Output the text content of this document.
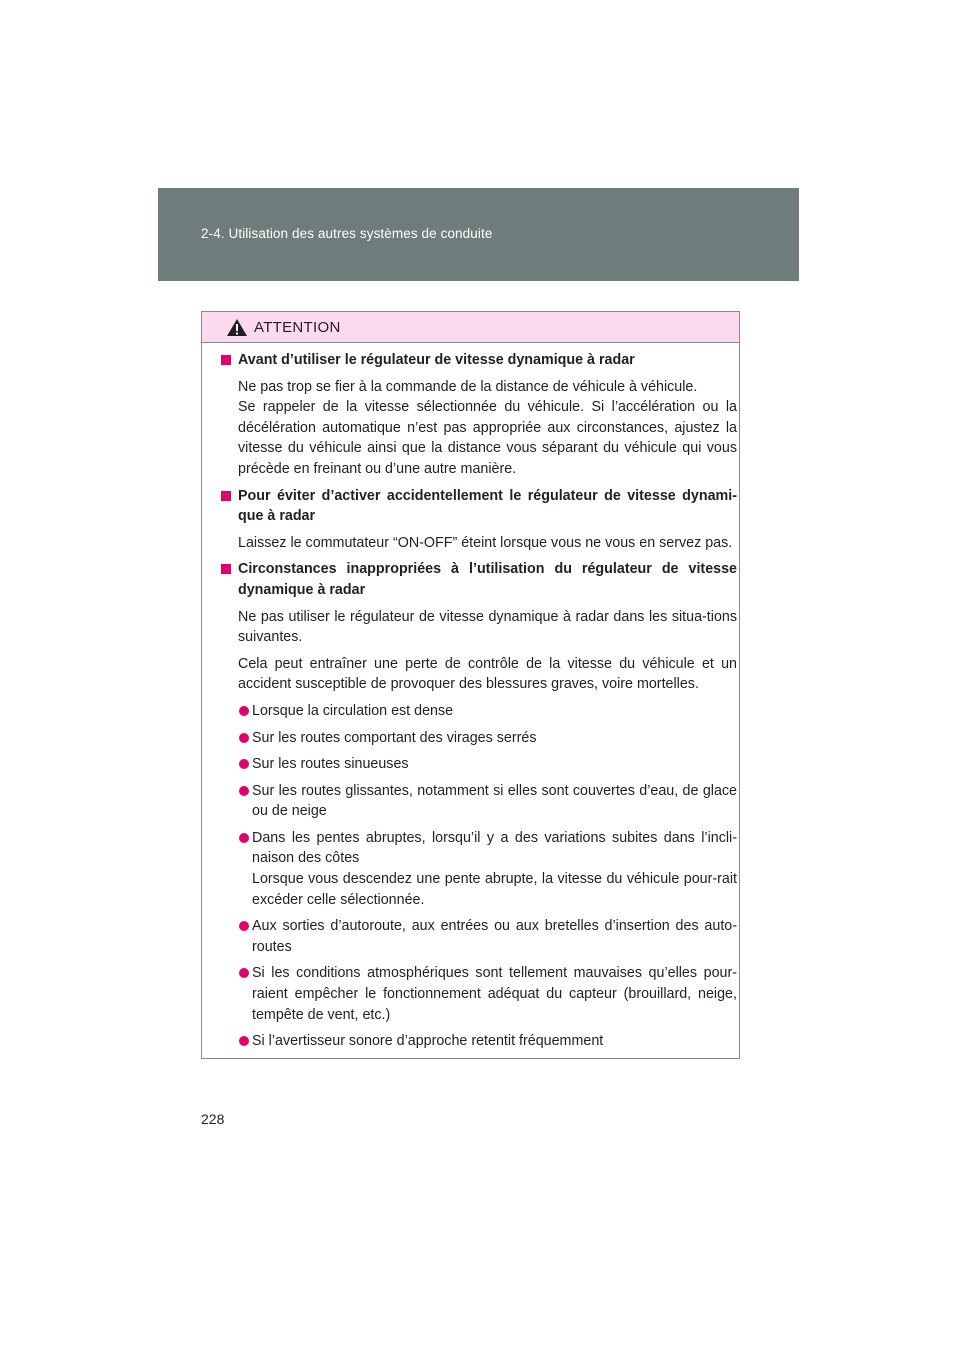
2-4. Utilisation des autres systèmes de conduite
ATTENTION
Avant d’utiliser le régulateur de vitesse dynamique à radar
Ne pas trop se fier à la commande de la distance de véhicule à véhicule.
Se rappeler de la vitesse sélectionnée du véhicule. Si l’accélération ou la décélération automatique n’est pas appropriée aux circonstances, ajustez la vitesse du véhicule ainsi que la distance vous séparant du véhicule qui vous précède en freinant ou d’une autre manière.
Pour éviter d’activer accidentellement le régulateur de vitesse dynami-que à radar
Laissez le commutateur “ON-OFF” éteint lorsque vous ne vous en servez pas.
Circonstances inappropriées à l’utilisation du régulateur de vitesse dynamique à radar
Ne pas utiliser le régulateur de vitesse dynamique à radar dans les situa-tions suivantes.
Cela peut entraîner une perte de contrôle de la vitesse du véhicule et un accident susceptible de provoquer des blessures graves, voire mortelles.
Lorsque la circulation est dense
Sur les routes comportant des virages serrés
Sur les routes sinueuses
Sur les routes glissantes, notamment si elles sont couvertes d’eau, de glace ou de neige
Dans les pentes abruptes, lorsqu’il y a des variations subites dans l’incli-naison des côtes
Lorsque vous descendez une pente abrupte, la vitesse du véhicule pour-rait excéder celle sélectionnée.
Aux sorties d’autoroute, aux entrées ou aux bretelles d’insertion des auto-routes
Si les conditions atmosphériques sont tellement mauvaises qu’elles pour-raient empêcher le fonctionnement adéquat du capteur (brouillard, neige, tempête de vent, etc.)
Si l’avertisseur sonore d’approche retentit fréquemment
228
